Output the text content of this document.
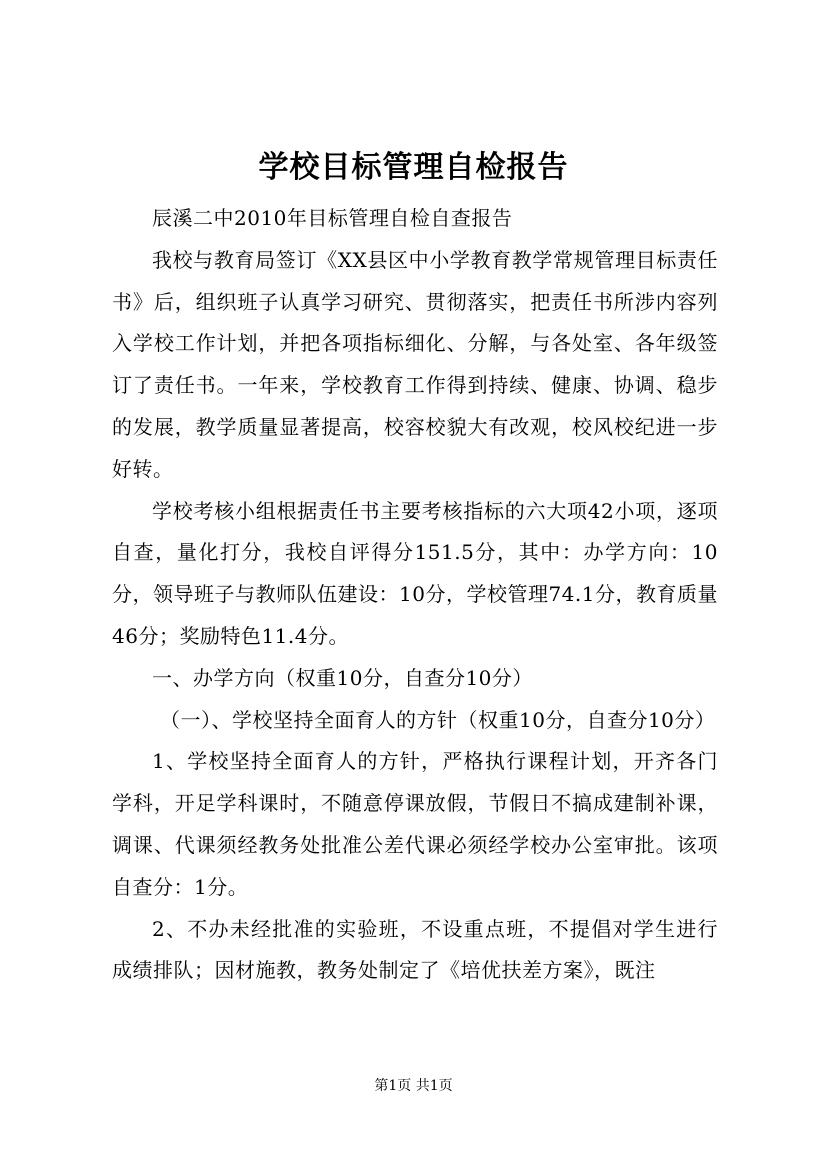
学校目标管理自检报告

辰溪二中2010年目标管理自检自查报告

我校与教育局签订《XX县区中小学教育教学常规管理目标责任书》后，组织班子认真学习研究、贯彻落实，把责任书所涉内容列入学校工作计划，并把各项指标细化、分解，与各处室、各年级签订了责任书。一年来，学校教育工作得到持续、健康、协调、稳步的发展，教学质量显著提高，校容校貌大有改观，校风校纪进一步好转。

学校考核小组根据责任书主要考核指标的六大项42小项，逐项自查，量化打分，我校自评得分151.5分，其中：办学方向：10分，领导班子与教师队伍建设：10分，学校管理74.1分，教育质量46分；奖励特色11.4分。

一、办学方向（权重10分，自查分10分）

（一）、学校坚持全面育人的方针（权重10分，自查分10分）

1、学校坚持全面育人的方针，严格执行课程计划，开齐各门学科，开足学科课时，不随意停课放假，节假日不搞成建制补课，调课、代课须经教务处批准公差代课必须经学校办公室审批。该项自查分：1分。

2、不办未经批准的实验班，不设重点班，不提倡对学生进行成绩排队；因材施教，教务处制定了《培优扶差方案》，既注

第1页 共1页
